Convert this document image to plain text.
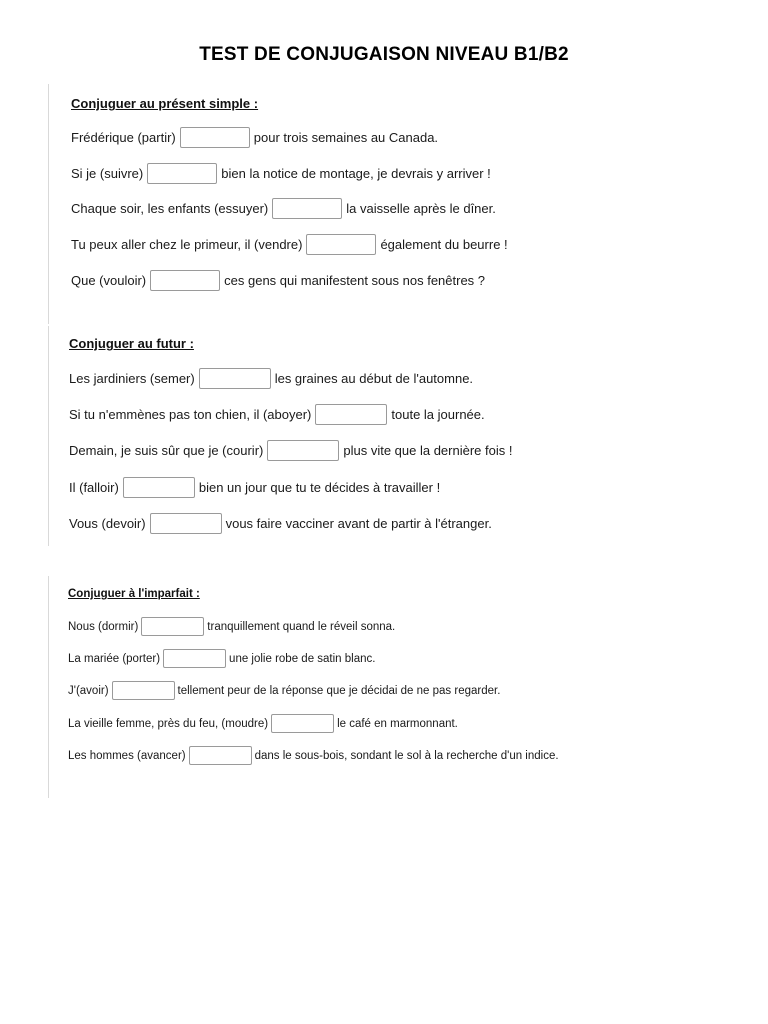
TEST DE CONJUGAISON NIVEAU B1/B2
Conjuguer au présent simple :
Frédérique (partir)	pour trois semaines au Canada.
Si je (suivre)	bien la notice de montage, je devrais y arriver !
Chaque soir, les enfants (essuyer)	la vaisselle après le dîner.
Tu peux aller chez le primeur, il (vendre)	également du beurre !
Que (vouloir)	ces gens qui manifestent sous nos fenêtres ?
Conjuguer au futur :
Les jardiniers (semer)	les graines au début de l'automne.
Si tu n'emmènes pas ton chien, il (aboyer)	toute la journée.
Demain, je suis sûr que je (courir)	plus vite que la dernière fois !
Il (falloir)	bien un jour que tu te décides à travailler !
Vous (devoir)	vous faire vacciner avant de partir à l'étranger.
Conjuguer à l'imparfait :
Nous (dormir)	tranquillement quand le réveil sonna.
La mariée (porter)	une jolie robe de satin blanc.
J'(avoir)	tellement peur de la réponse que je décidai de ne pas regarder.
La vieille femme, près du feu, (moudre)	le café en marmonnant.
Les hommes (avancer)	dans le sous-bois, sondant le sol à la recherche d'un indice.
